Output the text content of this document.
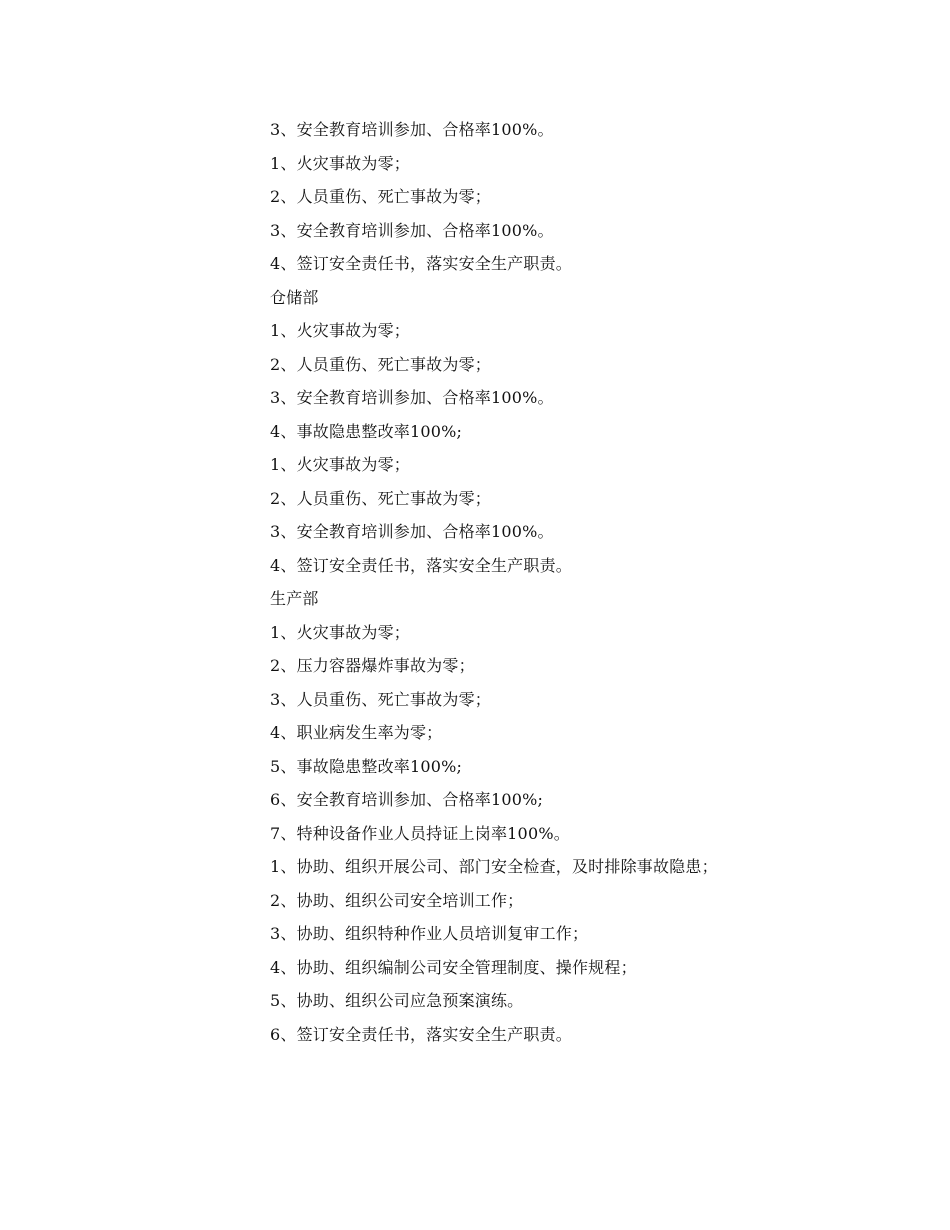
3、安全教育培训参加、合格率100%。
1、火灾事故为零；
2、人员重伤、死亡事故为零；
3、安全教育培训参加、合格率100%。
4、签订安全责任书，落实安全生产职责。
仓储部
1、火灾事故为零；
2、人员重伤、死亡事故为零；
3、安全教育培训参加、合格率100%。
4、事故隐患整改率100%;
1、火灾事故为零；
2、人员重伤、死亡事故为零；
3、安全教育培训参加、合格率100%。
4、签订安全责任书，落实安全生产职责。
生产部
1、火灾事故为零；
2、压力容器爆炸事故为零；
3、人员重伤、死亡事故为零；
4、职业病发生率为零；
5、事故隐患整改率100%;
6、安全教育培训参加、合格率100%;
7、特种设备作业人员持证上岗率100%。
1、协助、组织开展公司、部门安全检查，及时排除事故隐患；
2、协助、组织公司安全培训工作；
3、协助、组织特种作业人员培训复审工作；
4、协助、组织编制公司安全管理制度、操作规程；
5、协助、组织公司应急预案演练。
6、签订安全责任书，落实安全生产职责。
